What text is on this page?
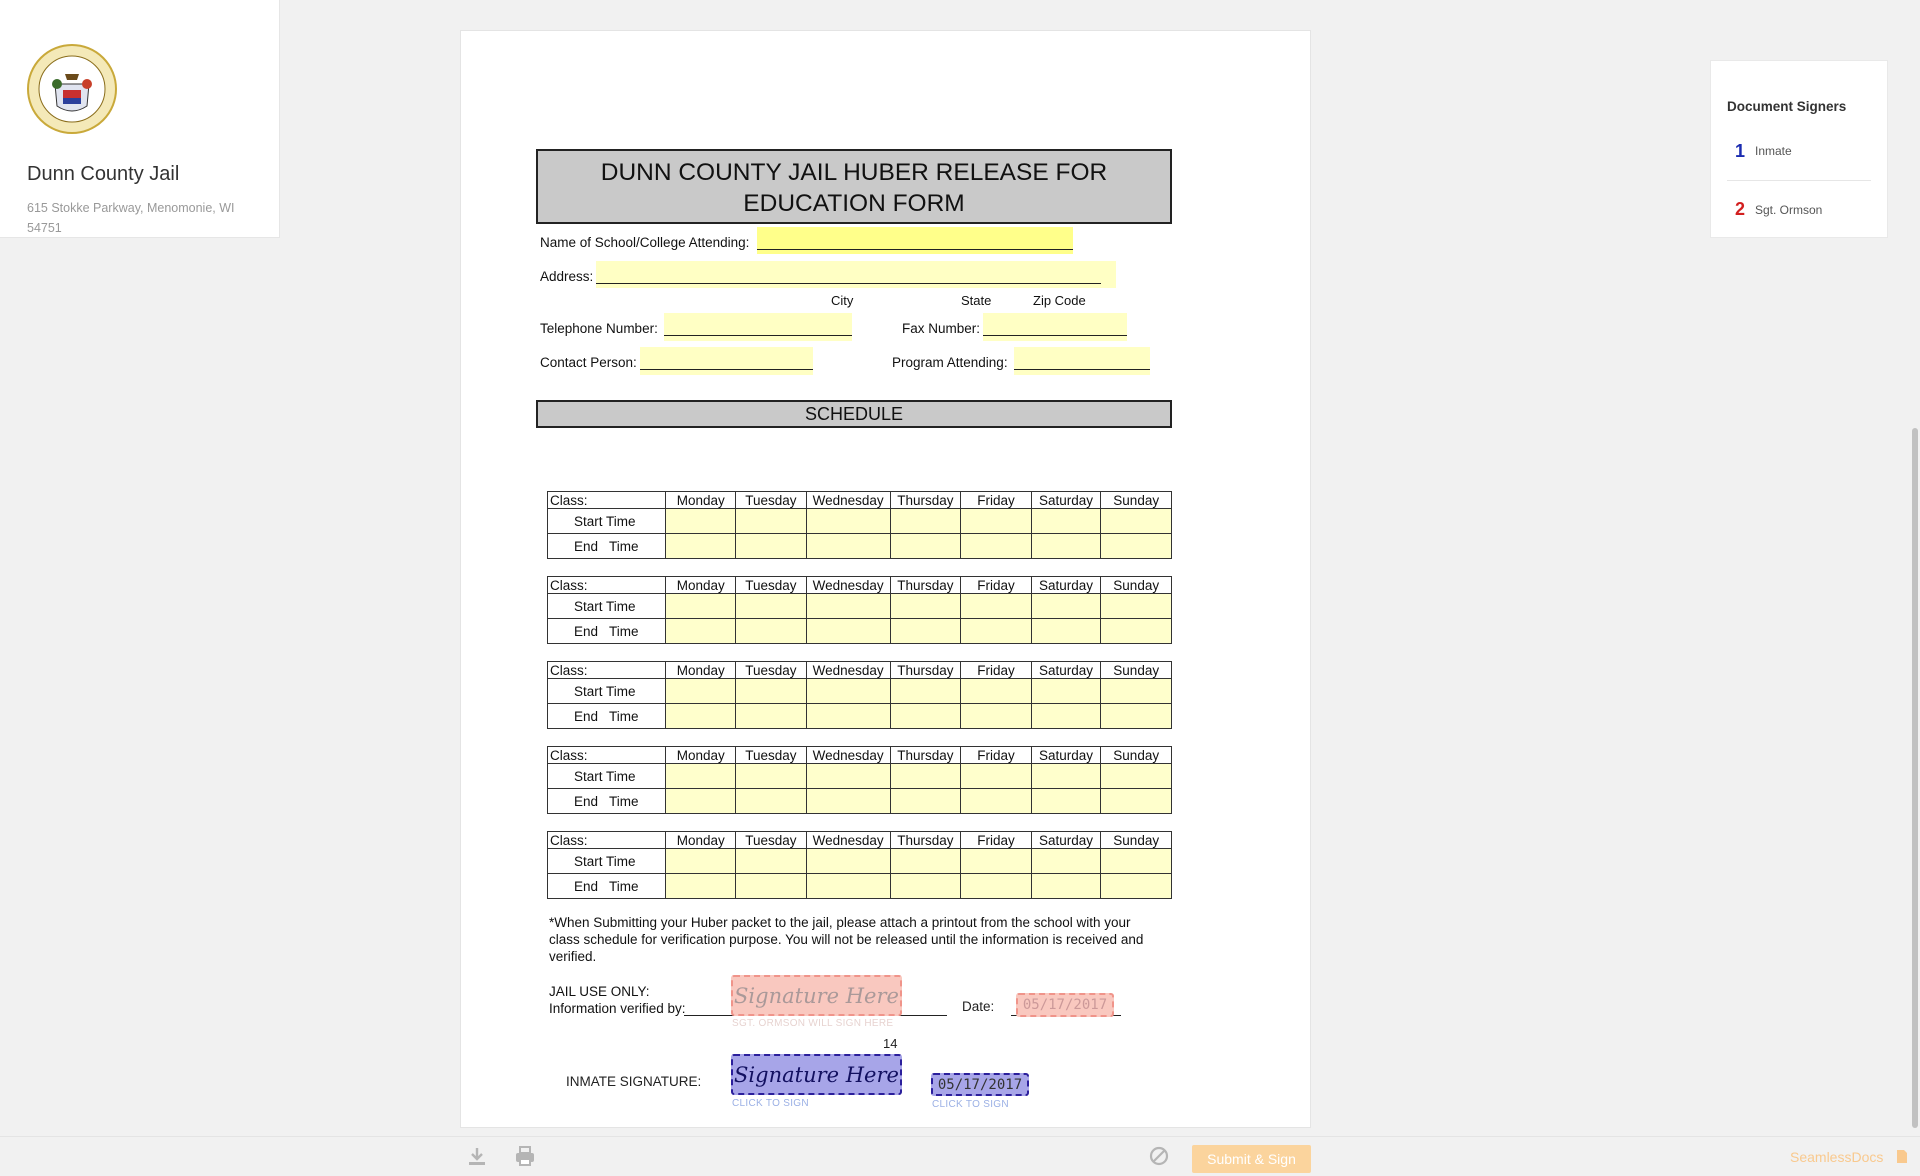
Dunn County Jail
615 Stokke Parkway, Menomonie, WI 54751
DUNN COUNTY JAIL HUBER RELEASE FOR EDUCATION FORM
Name of School/College Attending:
Address:
City	State	Zip Code
Telephone Number:	Fax Number:
Contact Person:	Program Attending:
SCHEDULE
Class:	Monday	Tuesday	Wednesday	Thursday	Friday	Saturday	Sunday
Start Time							
End   Time							
Class:	Monday	Tuesday	Wednesday	Thursday	Friday	Saturday	Sunday
Start Time							
End   Time							
Class:	Monday	Tuesday	Wednesday	Thursday	Friday	Saturday	Sunday
Start Time							
End   Time							
Class:	Monday	Tuesday	Wednesday	Thursday	Friday	Saturday	Sunday
Start Time							
End   Time							
Class:	Monday	Tuesday	Wednesday	Thursday	Friday	Saturday	Sunday
Start Time							
End   Time							
*When Submitting your Huber packet to the jail, please attach a printout from the school with your class schedule for verification purpose. You will not be released until the information is received and verified.
JAIL USE ONLY:
Information verified by:
Signature Here
SGT. ORMSON WILL SIGN HERE
Date:	05/17/2017
14
INMATE SIGNATURE: Signature Here
CLICK TO SIGN
05/17/2017
CLICK TO SIGN
Document Signers
1 Inmate
2 Sgt. Ormson
Submit & Sign	SeamlessDocs
